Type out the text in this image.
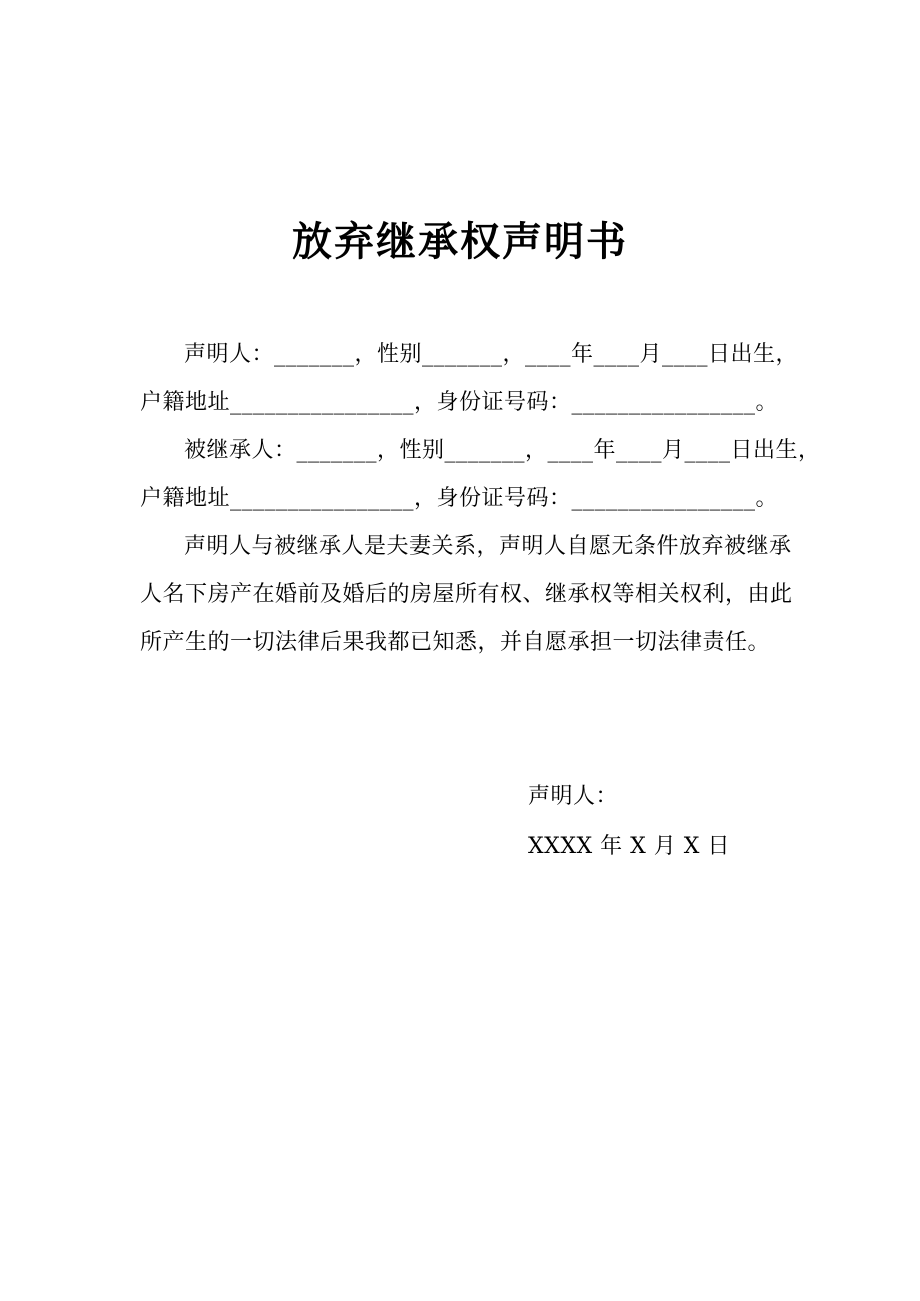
放弃继承权声明书

声明人：_______，性别_______，____年____月____日出生，

户籍地址________________，身份证号码：________________。

被继承人：_______，性别_______，____年____月____日出生，

户籍地址________________，身份证号码：________________。

声明人与被继承人是夫妻关系，声明人自愿无条件放弃被继承

人名下房产在婚前及婚后的房屋所有权、继承权等相关权利，由此

所产生的一切法律后果我都已知悉，并自愿承担一切法律责任。

声明人：

XXXX 年 X 月 X 日
